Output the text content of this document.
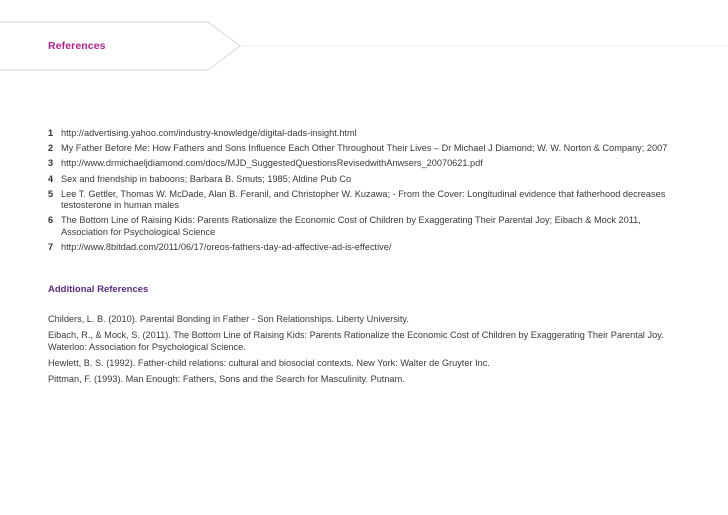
References
1 http://advertising.yahoo.com/industry-knowledge/digital-dads-insight.html
2 My Father Before Me: How Fathers and Sons Influence Each Other Throughout Their Lives – Dr Michael J Diamond; W. W. Norton & Company; 2007
3 http://www.drmichaeljdiamond.com/docs/MJD_SuggestedQuestionsRevisedwithAnwsers_20070621.pdf
4 Sex and friendship in baboons; Barbara B. Smuts; 1985; Aldine Pub Co
5 Lee T. Gettler, Thomas W. McDade, Alan B. Feranil, and Christopher W. Kuzawa; - From the Cover: Longitudinal evidence that fatherhood decreases testosterone in human males
6 The Bottom Line of Raising Kids: Parents Rationalize the Economic Cost of Children by Exaggerating Their Parental Joy; Eibach & Mock 2011, Association for Psychological Science
7 http://www.8bitdad.com/2011/06/17/oreos-fathers-day-ad-affective-ad-is-effective/
Additional References
Childers, L. B. (2010). Parental Bonding in Father - Son Relationships. Liberty University.
Eibach, R., & Mock, S. (2011). The Bottom Line of Raising Kids: Parents Rationalize the Economic Cost of Children by Exaggerating Their Parental Joy. Waterloo: Association for Psychological Science.
Hewlett, B. S. (1992). Father-child relations: cultural and biosocial contexts. New York: Walter de Gruyter Inc.
Pittman, F. (1993). Man Enough: Fathers, Sons and the Search for Masculinity. Putnam.
